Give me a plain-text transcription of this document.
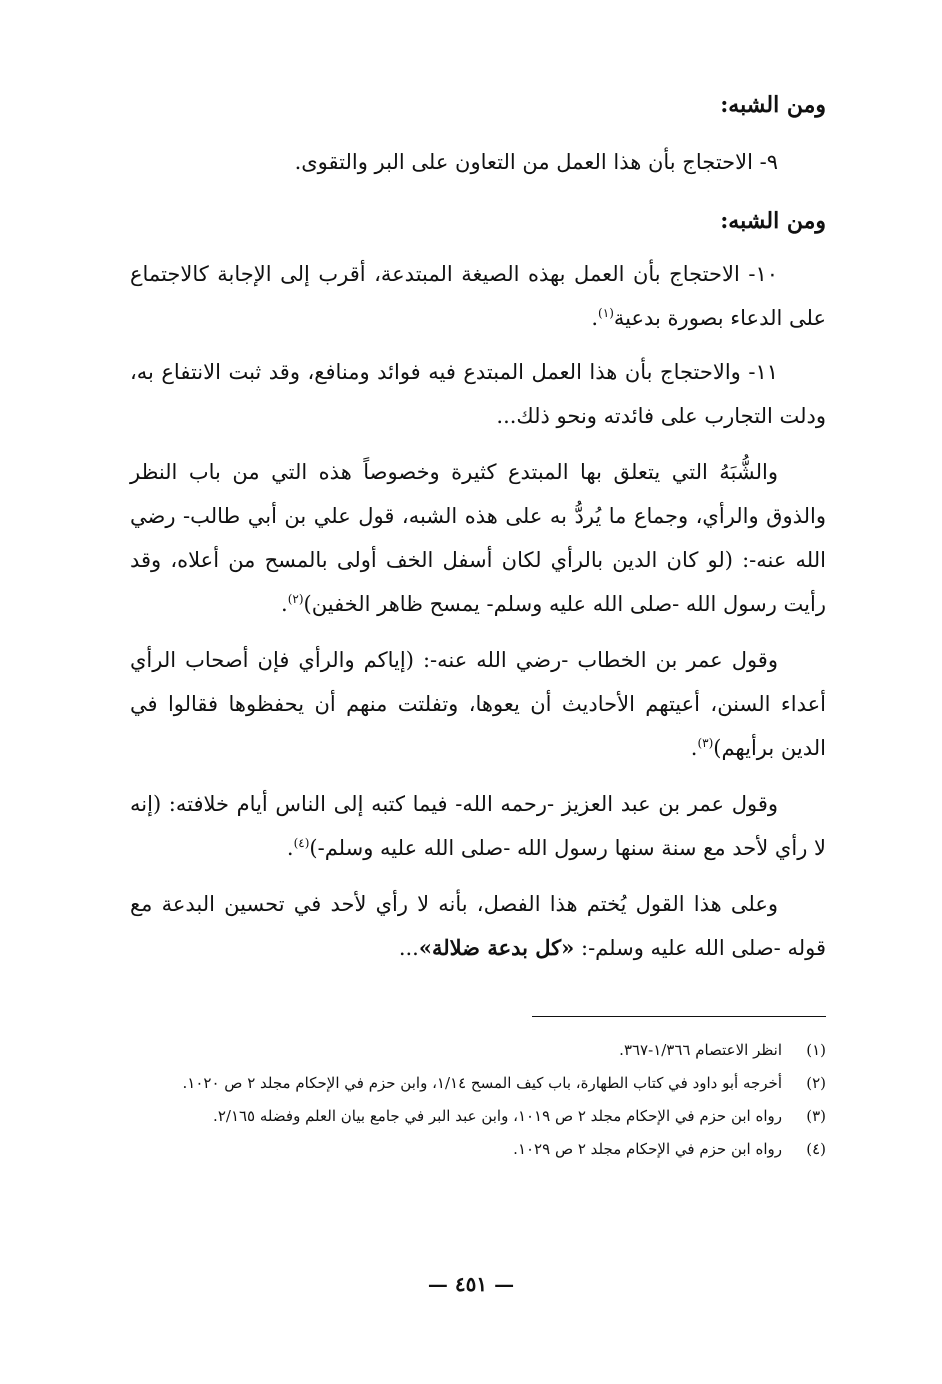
ومن الشبه:

٩- الاحتجاج بأن هذا العمل من التعاون على البر والتقوى.

ومن الشبه:

١٠- الاحتجاج بأن العمل بهذه الصيغة المبتدعة، أقرب إلى الإجابة كالاجتماع على الدعاء بصورة بدعية$^{(١)}$.

١١- والاحتجاج بأن هذا العمل المبتدع فيه فوائد ومنافع، وقد ثبت الانتفاع به، ودلت التجارب على فائدته ونحو ذلك...

والشُّبَهُ التي يتعلق بها المبتدع كثيرة وخصوصاً هذه التي من باب النظر والذوق والرأي، وجماع ما يُردُّ به على هذه الشبه، قول علي بن أبي طالب- رضي الله عنه-: (لو كان الدين بالرأي لكان أسفل الخف أولى بالمسح من أعلاه، وقد رأيت رسول الله -صلى الله عليه وسلم- يمسح ظاهر الخفين)$^{(٢)}$.

وقول عمر بن الخطاب -رضي الله عنه-: (إياكم والرأي فإن أصحاب الرأي أعداء السنن، أعيتهم الأحاديث أن يعوها، وتفلتت منهم أن يحفظوها فقالوا في الدين برأيهم)$^{(٣)}$.

وقول عمر بن عبد العزيز -رحمه الله- فيما كتبه إلى الناس أيام خلافته: (إنه لا رأي لأحد مع سنة سنها رسول الله -صلى الله عليه وسلم-)$^{(٤)}$.

وعلى هذا القول يُختم هذا الفصل، بأنه لا رأي لأحد في تحسين البدعة مع قوله -صلى الله عليه وسلم-: «كل بدعة ضلالة»...

(١)
انظر الاعتصام ١/٣٦٦-٣٦٧.
(٢)
أخرجه أبو داود في كتاب الطهارة، باب كيف المسح ١/١٤، وابن حزم في الإحكام مجلد ٢ ص ١٠٢٠.
(٣)
رواه ابن حزم في الإحكام مجلد ٢ ص ١٠١٩، وابن عبد البر في جامع بيان العلم وفضله ٢/١٦٥.
(٤)
رواه ابن حزم في الإحكام مجلد ٢ ص ١٠٢٩.
— ٤٥١ —
